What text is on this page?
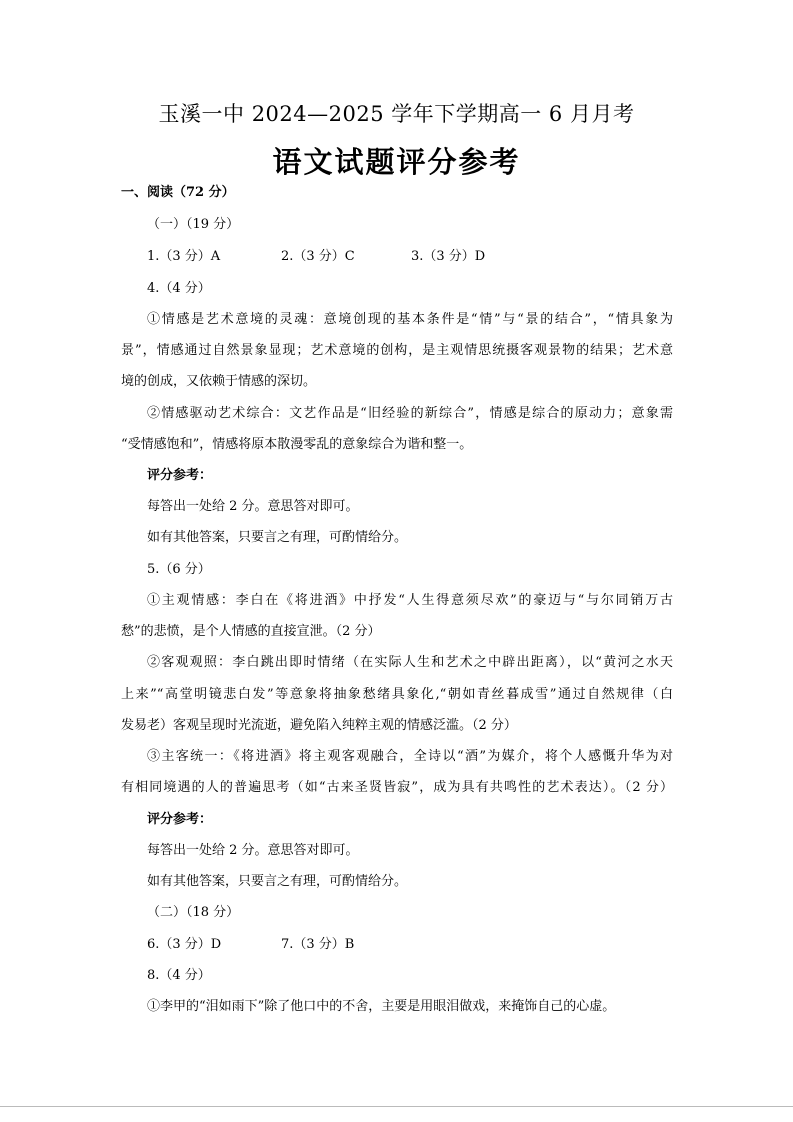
玉溪一中 2024—2025 学年下学期高一 6 月月考
语文试题评分参考
一、阅读（72 分）
（一）（19 分）
1.（3 分）A	2.（3 分）C	3.（3 分）D
4.（4 分）
①情感是艺术意境的灵魂：意境创现的基本条件是“情”与“景的结合”，“情具象为
景”，情感通过自然景象显现；艺术意境的创构，是主观情思统摄客观景物的结果；艺术意
境的创成，又依赖于情感的深切。
②情感驱动艺术综合：文艺作品是“旧经验的新综合”，情感是综合的原动力；意象需
“受情感饱和”，情感将原本散漫零乱的意象综合为谐和整一。
评分参考：
每答出一处给 2 分。意思答对即可。
如有其他答案，只要言之有理，可酌情给分。
5.（6 分）
①主观情感：李白在《将进酒》中抒发“人生得意须尽欢”的豪迈与“与尔同销万古
愁”的悲愤，是个人情感的直接宣泄。（2 分）
②客观观照：李白跳出即时情绪（在实际人生和艺术之中辟出距离），以“黄河之水天
上来”“高堂明镜悲白发”等意象将抽象愁绪具象化,“朝如青丝暮成雪”通过自然规律（白
发易老）客观呈现时光流逝，避免陷入纯粹主观的情感泛滥。（2 分）
③主客统一：《将进酒》将主观客观融合，全诗以“酒”为媒介，将个人感慨升华为对
有相同境遇的人的普遍思考（如“古来圣贤皆寂”，成为具有共鸣性的艺术表达）。（2 分）
评分参考：
每答出一处给 2 分。意思答对即可。
如有其他答案，只要言之有理，可酌情给分。
（二）（18 分）
6.（3 分）D	7.（3 分）B
8.（4 分）
①李甲的“泪如雨下”除了他口中的不舍，主要是用眼泪做戏，来掩饰自己的心虚。
